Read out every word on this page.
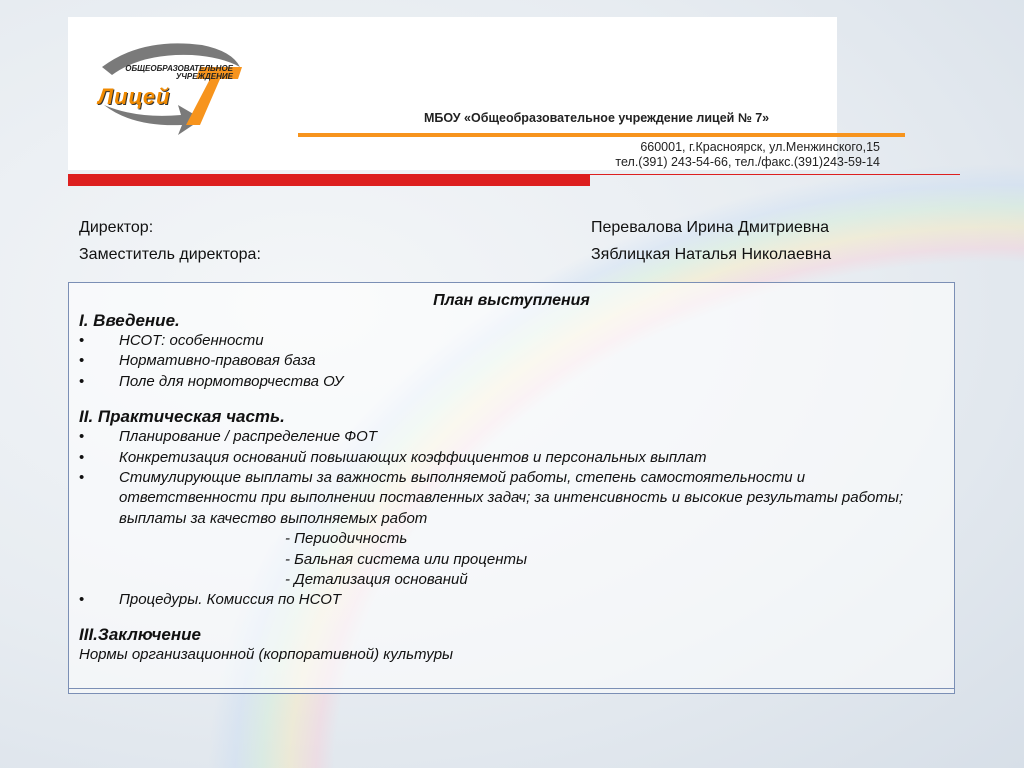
ОБЩЕОБРАЗОВАТЕЛЬНОЕ УЧРЕЖДЕНИЕ
Лицей
МБОУ «Общеобразовательное учреждение лицей № 7»
660001, г.Красноярск, ул.Менжинского,15
тел.(391) 243-54-66, тел./факс.(391)243-59-14
Директор:	Перевалова Ирина Дмитриевна
Заместитель директора:	Зяблицкая Наталья Николаевна
План выступления
I. Введение.
• НСОТ: особенности
• Нормативно-правовая база
• Поле для нормотворчества ОУ
II. Практическая часть.
• Планирование / распределение ФОТ
• Конкретизация оснований повышающих коэффициентов и персональных выплат
• Стимулирующие выплаты за важность выполняемой работы, степень самостоятельности и ответственности при выполнении поставленных задач; за интенсивность и высокие результаты работы; выплаты за качество выполняемых работ
- Периодичность
- Бальная система или проценты
- Детализация оснований
• Процедуры. Комиссия по НСОТ
III.Заключение
Нормы организационной (корпоративной) культуры
